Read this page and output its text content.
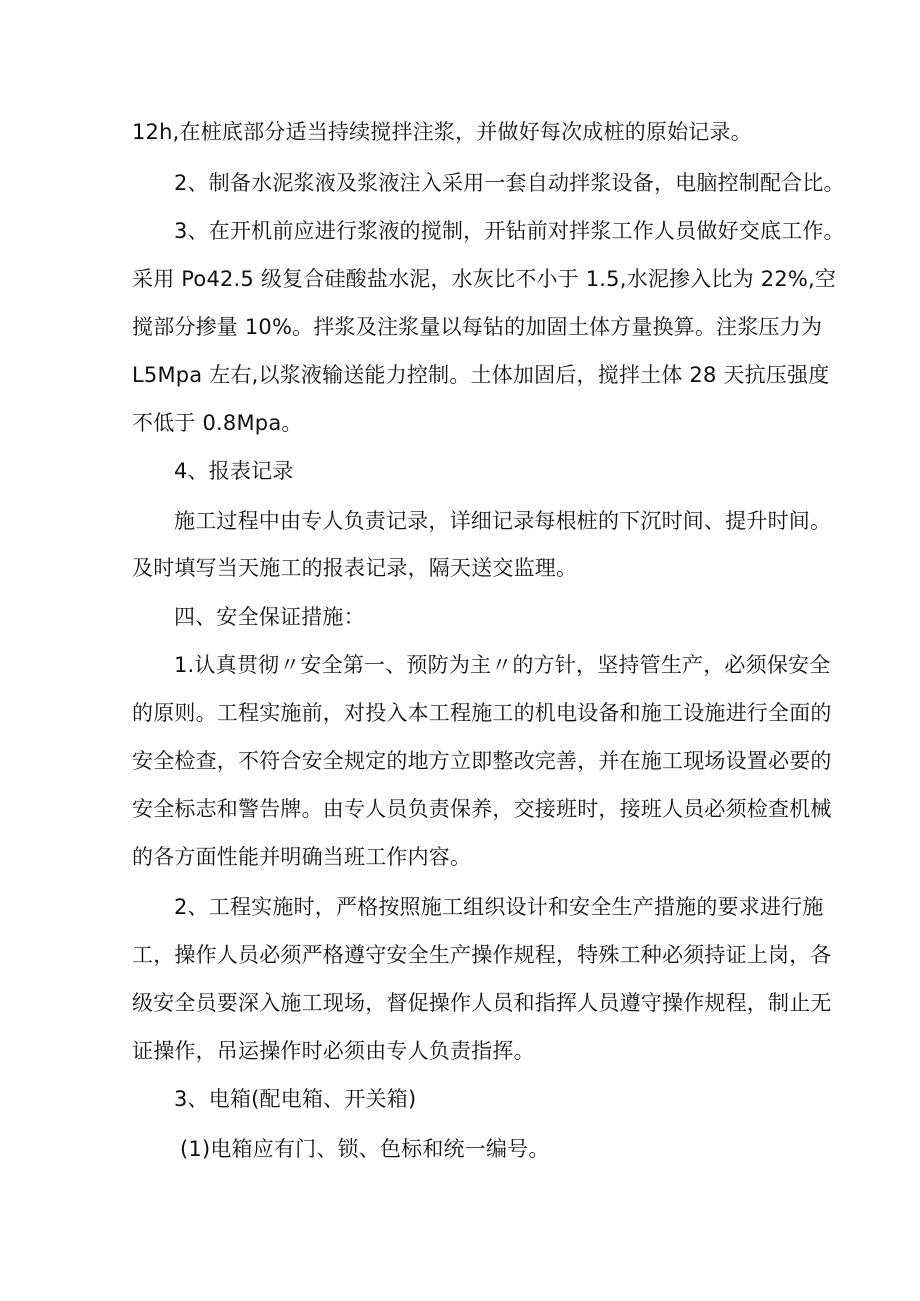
12h,在桩底部分适当持续搅拌注浆，并做好每次成桩的原始记录。
2、制备水泥浆液及浆液注入采用一套自动拌浆设备，电脑控制配合比。
3、在开机前应进行浆液的搅制，开钻前对拌浆工作人员做好交底工作。
采用 Po42.5 级复合硅酸盐水泥，水灰比不小于 1.5,水泥掺入比为 22%,空
搅部分掺量 10%。拌浆及注浆量以每钻的加固土体方量换算。注浆压力为
L5Mpa 左右,以浆液输送能力控制。土体加固后，搅拌土体 28 天抗压强度
不低于 0.8Mpa。
4、报表记录
施工过程中由专人负责记录，详细记录每根桩的下沉时间、提升时间。
及时填写当天施工的报表记录，隔天送交监理。
四、安全保证措施：
1.认真贯彻〃安全第一、预防为主〃的方针，坚持管生产，必须保安全
的原则。工程实施前，对投入本工程施工的机电设备和施工设施进行全面的
安全检查，不符合安全规定的地方立即整改完善，并在施工现场设置必要的
安全标志和警告牌。由专人员负责保养，交接班时，接班人员必须检查机械
的各方面性能并明确当班工作内容。
2、工程实施时，严格按照施工组织设计和安全生产措施的要求进行施
工，操作人员必须严格遵守安全生产操作规程，特殊工种必须持证上岗，各
级安全员要深入施工现场，督促操作人员和指挥人员遵守操作规程，制止无
证操作，吊运操作时必须由专人负责指挥。
3、电箱(配电箱、开关箱)
(1)电箱应有门、锁、色标和统一编号。
